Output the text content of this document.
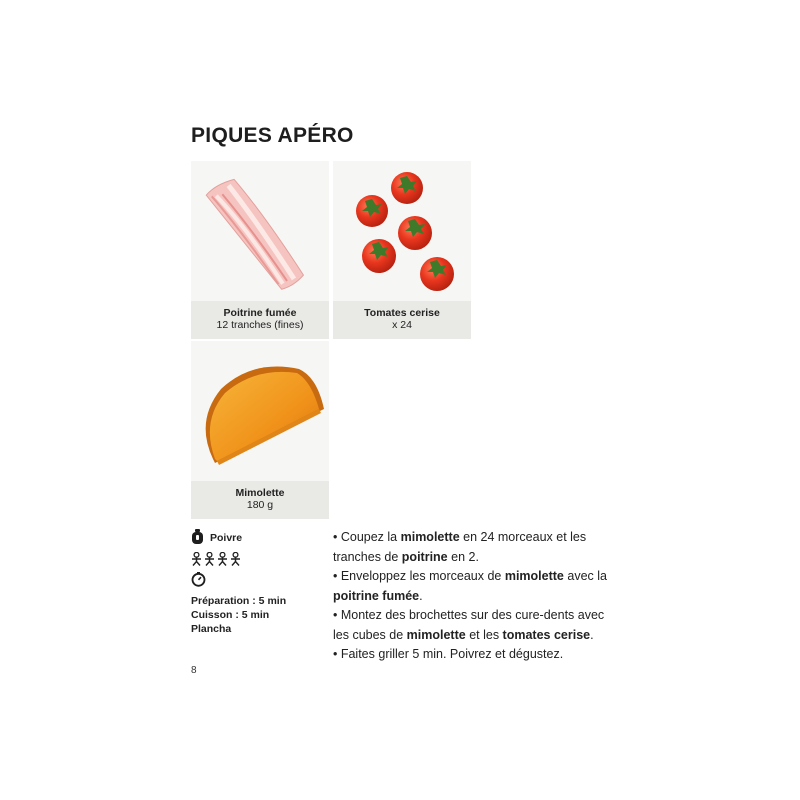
PIQUES APÉRO
Poitrine fumée
12 tranches (fines)
Tomates cerise
x 24
Mimolette
180 g
Poivre
Préparation : 5 min
Cuisson : 5 min
Plancha

• Coupez la mimolette en 24 morceaux et les tranches de poitrine en 2.

• Enveloppez les morceaux de mimolette avec la poitrine fumée.

• Montez des brochettes sur des cure-dents avec les cubes de mimolette et les tomates cerise.

• Faites griller 5 min. Poivrez et dégustez.

8
